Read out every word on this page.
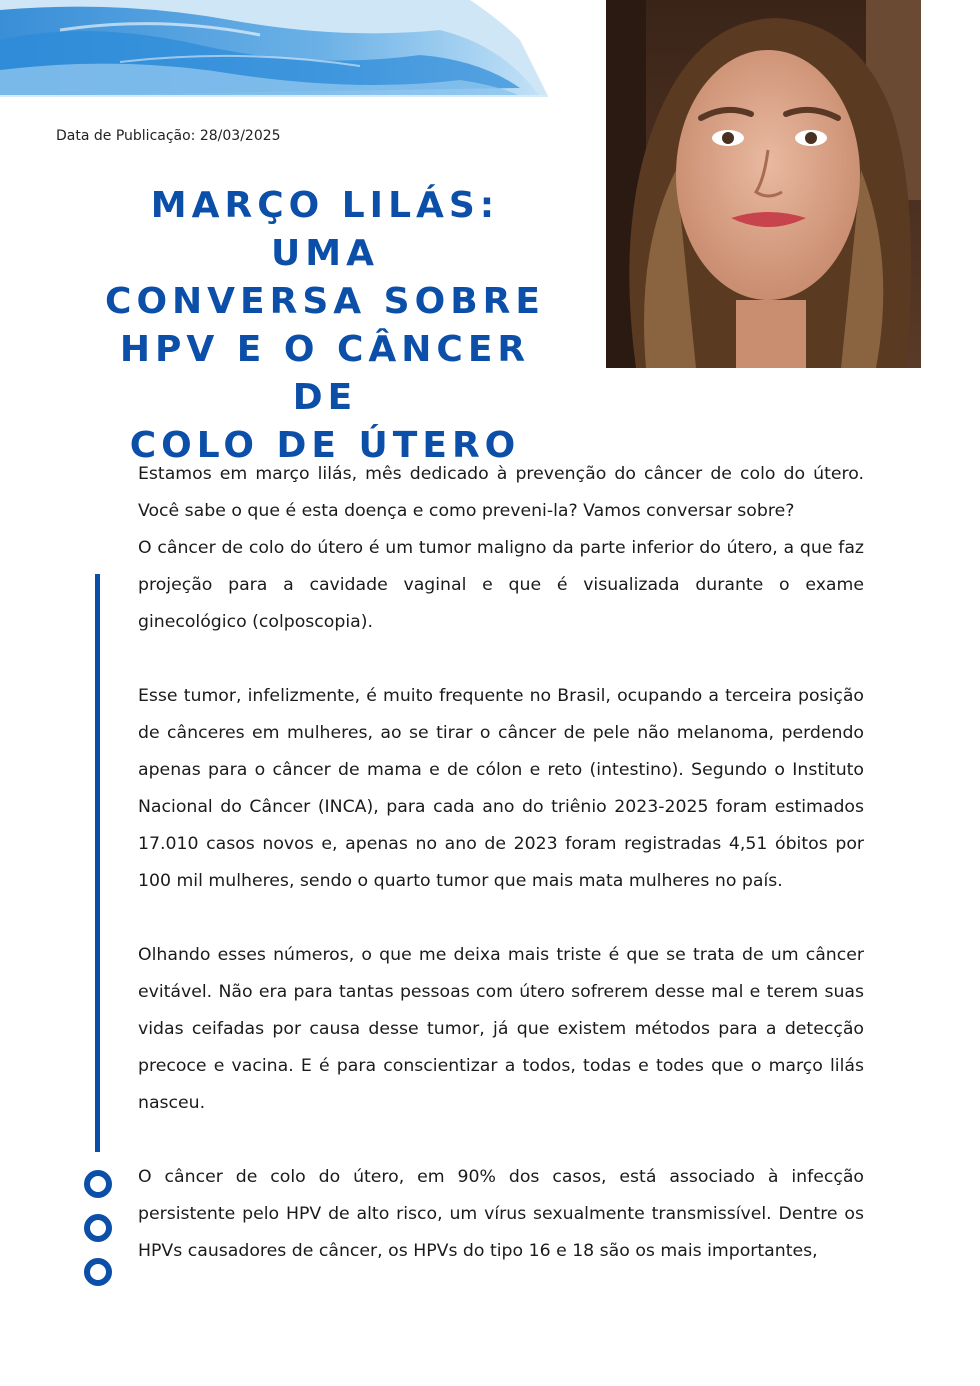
Data de Publicação: 28/03/2025
MARÇO LILÁS: UMA
CONVERSA SOBRE
HPV E O CÂNCER DE
COLO DE ÚTERO

Estamos em março lilás, mês dedicado à prevenção do câncer de colo do útero. Você sabe o que é esta doença e como preveni-la? Vamos conversar sobre?

O câncer de colo do útero é um tumor maligno da parte inferior do útero, a que faz projeção para a cavidade vaginal e que é visualizada durante o exame ginecológico (colposcopia).

Esse tumor, infelizmente, é muito frequente no Brasil, ocupando a terceira posição de cânceres em mulheres, ao se tirar o câncer de pele não melanoma, perdendo apenas para o câncer de mama e de cólon e reto (intestino). Segundo o Instituto Nacional do Câncer (INCA), para cada ano do triênio 2023-2025 foram estimados 17.010 casos novos e, apenas no ano de 2023 foram registradas 4,51 óbitos por 100 mil mulheres, sendo o quarto tumor que mais mata mulheres no país.

Olhando esses números, o que me deixa mais triste é que se trata de um câncer evitável. Não era para tantas pessoas com útero sofrerem desse mal e terem suas vidas ceifadas por causa desse tumor, já que existem métodos para a detecção precoce e vacina. E é para conscientizar a todos, todas e todes que o março lilás nasceu.

O câncer de colo do útero, em 90% dos casos, está associado à infecção persistente pelo HPV de alto risco, um vírus sexualmente transmissível. Dentre os HPVs causadores de câncer, os HPVs do tipo 16 e 18 são os mais importantes,
